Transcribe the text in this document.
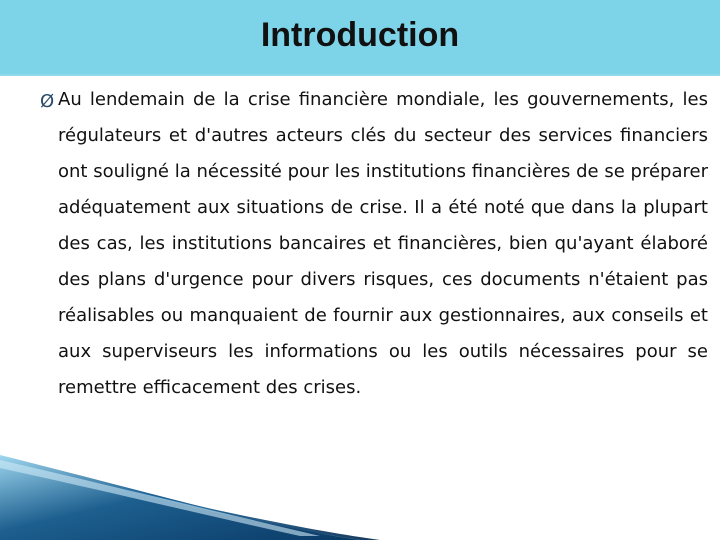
Introduction
Ø Au lendemain de la crise financière mondiale, les gouvernements, les régulateurs et d'autres acteurs clés du secteur des services financiers ont souligné la nécessité pour les institutions financières de se préparer adéquatement aux situations de crise. Il a été noté que dans la plupart des cas, les institutions bancaires et financières, bien qu'ayant élaboré des plans d'urgence pour divers risques, ces documents n'étaient pas réalisables ou manquaient de fournir aux gestionnaires, aux conseils et aux superviseurs les informations ou les outils nécessaires pour se remettre efficacement des crises.
